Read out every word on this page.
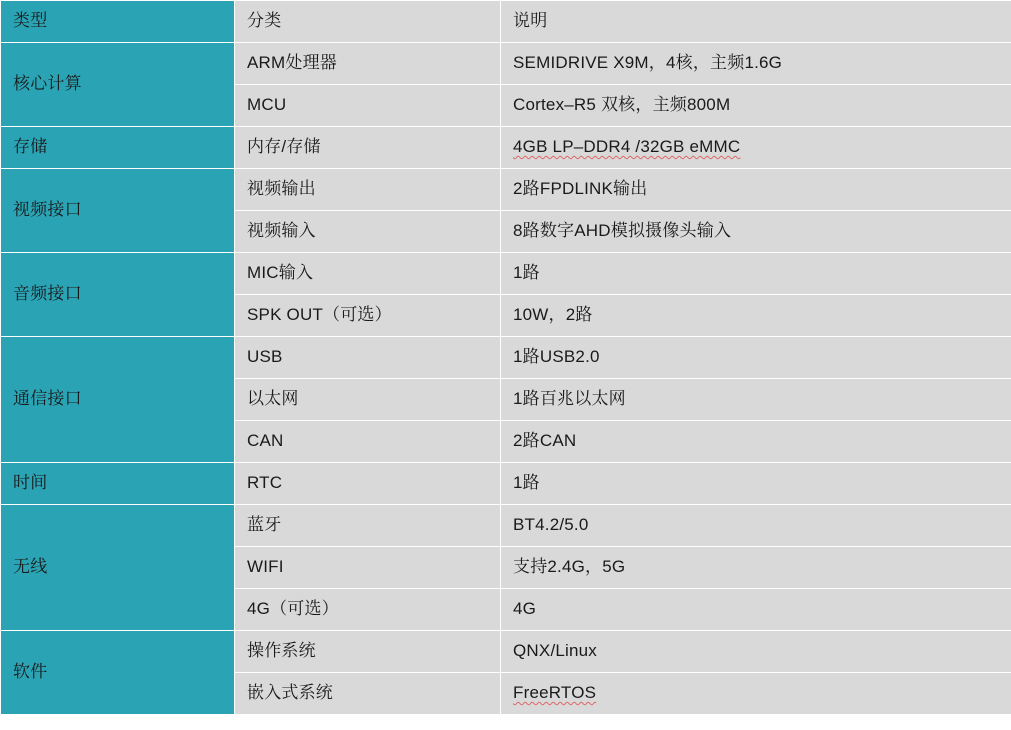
类型	分类	说明
核心计算	ARM处理器	SEMIDRIVE X9M，4核，主频1.6G
	MCU	Cortex–R5 双核，主频800M
存储	内存/存储	4GB LP–DDR4 /32GB eMMC
视频接口	视频输出	2路FPDLINK输出
	视频输入	8路数字AHD模拟摄像头输入
音频接口	MIC输入	1路
	SPK OUT（可选）	10W，2路
通信接口	USB	1路USB2.0
	以太网	1路百兆以太网
	CAN	2路CAN
时间	RTC	1路
无线	蓝牙	BT4.2/5.0
	WIFI	支持2.4G，5G
	4G（可选）	4G
软件	操作系统	QNX/Linux
	嵌入式系统	FreeRTOS
